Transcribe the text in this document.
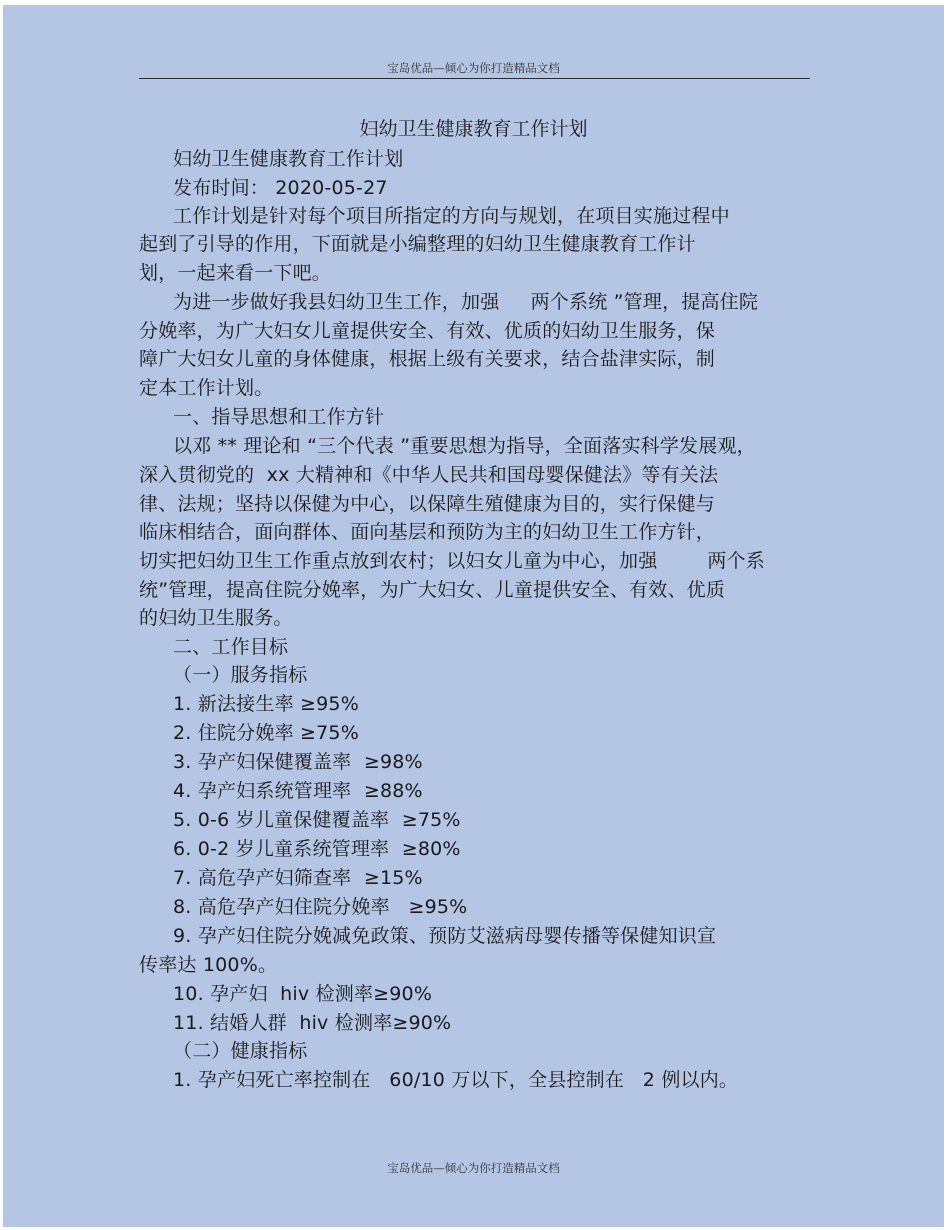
宝岛优品—倾心为你打造精品文档
妇幼卫生健康教育工作计划
妇幼卫生健康教育工作计划
发布时间： 2020-05-27
工作计划是针对每个项目所指定的方向与规划，在项目实施过程中
起到了引导的作用，下面就是小编整理的妇幼卫生健康教育工作计
划，一起来看一下吧。
为进一步做好我县妇幼卫生工作，加强     两个系统 ”管理，提高住院
分娩率，为广大妇女儿童提供安全、有效、优质的妇幼卫生服务，保
障广大妇女儿童的身体健康，根据上级有关要求，结合盐津实际，制
定本工作计划。
一、指导思想和工作方针
以邓 ** 理论和 “三个代表 ”重要思想为指导，全面落实科学发展观，
深入贯彻党的  xx 大精神和《中华人民共和国母婴保健法》等有关法
律、法规；坚持以保健为中心，以保障生殖健康为目的，实行保健与
临床相结合，面向群体、面向基层和预防为主的妇幼卫生工作方针，
切实把妇幼卫生工作重点放到农村；以妇女儿童为中心，加强        两个系
统”管理，提高住院分娩率，为广大妇女、儿童提供安全、有效、优质
的妇幼卫生服务。
二、工作目标
（一）服务指标
1. 新法接生率 ≥95%
2. 住院分娩率 ≥75%
3. 孕产妇保健覆盖率  ≥98%
4. 孕产妇系统管理率  ≥88%
5. 0-6 岁儿童保健覆盖率  ≥75%
6. 0-2 岁儿童系统管理率  ≥80%
7. 高危孕产妇筛查率  ≥15%
8. 高危孕产妇住院分娩率   ≥95%
9. 孕产妇住院分娩减免政策、预防艾滋病母婴传播等保健知识宣
传率达 100%。
10. 孕产妇  hiv 检测率≥90%
11. 结婚人群  hiv 检测率≥90%
（二）健康指标
1. 孕产妇死亡率控制在   60/10 万以下，全县控制在   2 例以内。
宝岛优品—倾心为你打造精品文档
